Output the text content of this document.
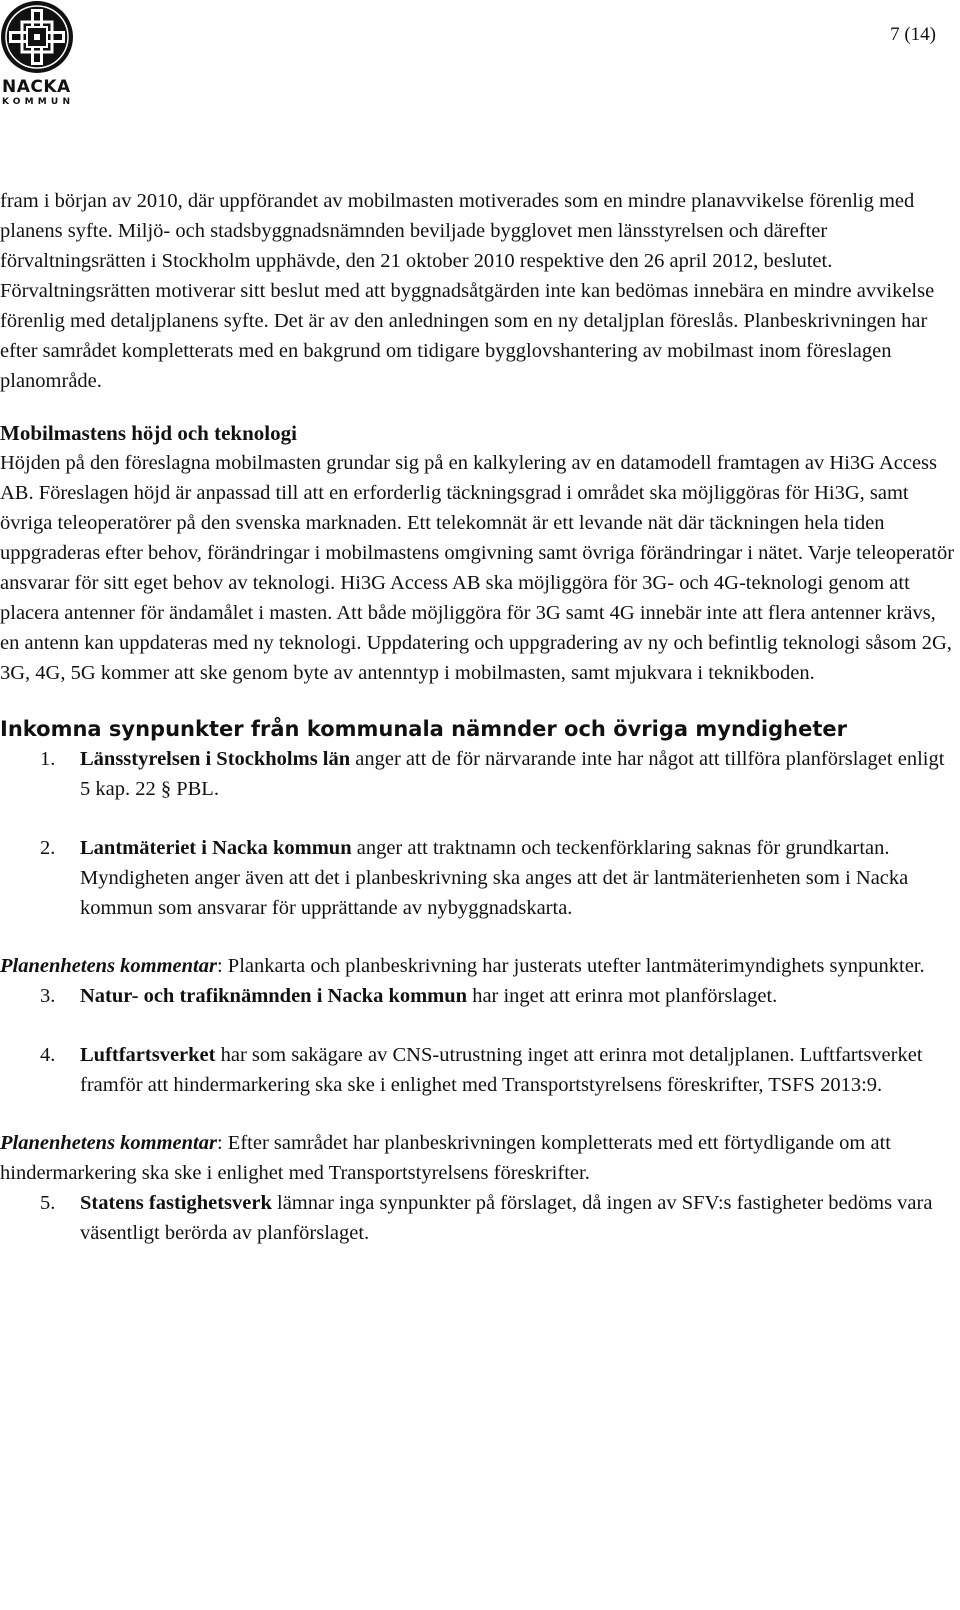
NACKA
KOMMUN
7 (14)

fram i början av 2010, där uppförandet av mobilmasten motiverades som en mindre planavvikelse förenlig med planens syfte. Miljö- och stadsbyggnadsnämnden beviljade bygglovet men länsstyrelsen och därefter förvaltningsrätten i Stockholm upphävde, den 21 oktober 2010 respektive den 26 april 2012, beslutet. Förvaltningsrätten motiverar sitt beslut med att byggnadsåtgärden inte kan bedömas innebära en mindre avvikelse förenlig med detaljplanens syfte. Det är av den anledningen som en ny detaljplan föreslås. Planbeskrivningen har efter samrådet kompletterats med en bakgrund om tidigare bygglovshantering av mobilmast inom föreslagen planområde.

Mobilmastens höjd och teknologi

Höjden på den föreslagna mobilmasten grundar sig på en kalkylering av en datamodell framtagen av Hi3G Access AB. Föreslagen höjd är anpassad till att en erforderlig täckningsgrad i området ska möjliggöras för Hi3G, samt övriga teleoperatörer på den svenska marknaden. Ett telekomnät är ett levande nät där täckningen hela tiden uppgraderas efter behov, förändringar i mobilmastens omgivning samt övriga förändringar i nätet. Varje teleoperatör ansvarar för sitt eget behov av teknologi. Hi3G Access AB ska möjliggöra för 3G- och 4G-teknologi genom att placera antenner för ändamålet i masten. Att både möjliggöra för 3G samt 4G innebär inte att flera antenner krävs, en antenn kan uppdateras med ny teknologi. Uppdatering och uppgradering av ny och befintlig teknologi såsom 2G, 3G, 4G, 5G kommer att ske genom byte av antenntyp i mobilmasten, samt mjukvara i teknikboden.

Inkomna synpunkter från kommunala nämnder och övriga myndigheter

1.	Länsstyrelsen i Stockholms län anger att de för närvarande inte har något att tillföra planförslaget enligt 5 kap. 22 § PBL.
2.	Lantmäteriet i Nacka kommun anger att traktnamn och teckenförklaring saknas för grundkartan. Myndigheten anger även att det i planbeskrivning ska anges att det är lantmäterienheten som i Nacka kommun som ansvarar för upprättande av nybyggnadskarta.

Planenhetens kommentar: Plankarta och planbeskrivning har justerats utefter lantmäterimyndighets synpunkter.

3.	Natur- och trafiknämnden i Nacka kommun har inget att erinra mot planförslaget.
4.	Luftfartsverket har som sakägare av CNS-utrustning inget att erinra mot detaljplanen. Luftfartsverket framför att hindermarkering ska ske i enlighet med Transportstyrelsens föreskrifter, TSFS 2013:9.

Planenhetens kommentar: Efter samrådet har planbeskrivningen kompletterats med ett förtydligande om att hindermarkering ska ske i enlighet med Transportstyrelsens föreskrifter.

5.	Statens fastighetsverk lämnar inga synpunkter på förslaget, då ingen av SFV:s fastigheter bedöms vara väsentligt berörda av planförslaget.
